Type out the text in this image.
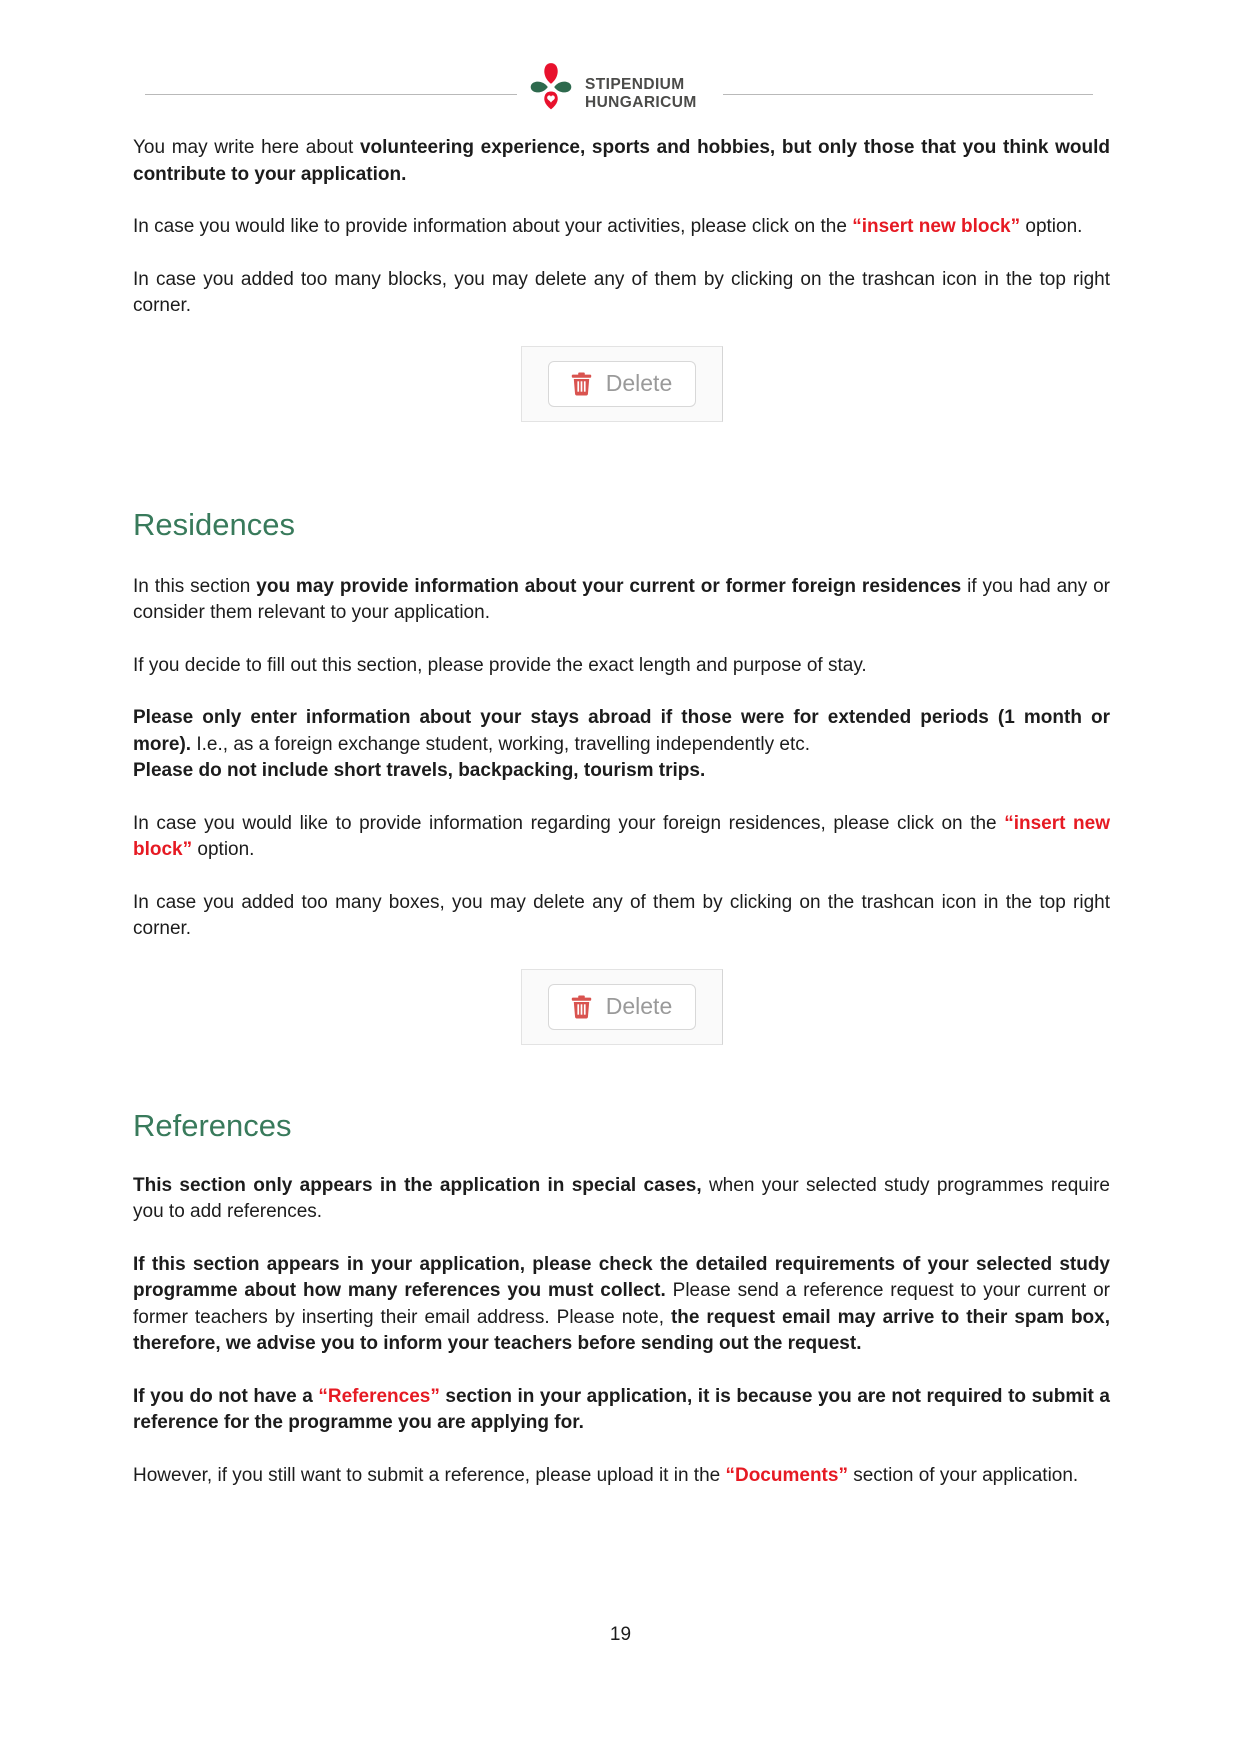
STIPENDIUM
HUNGARICUM

You may write here about volunteering experience, sports and hobbies, but only those that you think would contribute to your application.

In case you would like to provide information about your activities, please click on the “insert new block” option.

In case you added too many blocks, you may delete any of them by clicking on the trashcan icon in the top right corner.

Delete
Residences

In this section you may provide information about your current or former foreign residences if you had any or consider them relevant to your application.

If you decide to fill out this section, please provide the exact length and purpose of stay.

Please only enter information about your stays abroad if those were for extended periods (1 month or more). I.e., as a foreign exchange student, working, travelling independently etc.
Please do not include short travels, backpacking, tourism trips.

In case you would like to provide information regarding your foreign residences, please click on the “insert new block” option.

In case you added too many boxes, you may delete any of them by clicking on the trashcan icon in the top right corner.

Delete
References

This section only appears in the application in special cases, when your selected study programmes require you to add references.

If this section appears in your application, please check the detailed requirements of your selected study programme about how many references you must collect. Please send a reference request to your current or former teachers by inserting their email address. Please note, the request email may arrive to their spam box, therefore, we advise you to inform your teachers before sending out the request.

If you do not have a “References” section in your application, it is because you are not required to submit a reference for the programme you are applying for.

However, if you still want to submit a reference, please upload it in the “Documents” section of your application.

19
